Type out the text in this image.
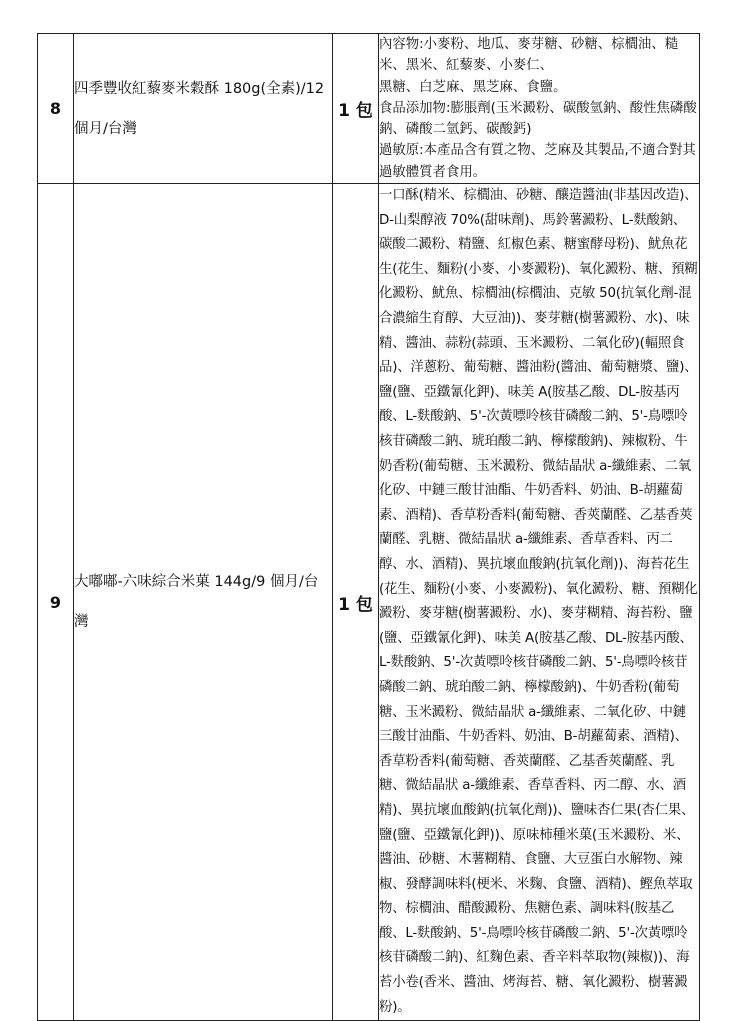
8	四季豐收紅藜麥米穀酥 180g(全素)/12個月/台灣	1 包	內容物:小麥粉、地瓜、麥芽糖、砂糖、棕櫚油、糙米、黑米、紅藜麥、小麥仁、
黑糖、白芝麻、黑芝麻、食鹽。
食品添加物:膨脹劑(玉米澱粉、碳酸氫鈉、酸性焦磷酸鈉、磷酸二氫鈣、碳酸鈣)
過敏原:本產品含有質之物、芝麻及其製品,不適合對其過敏體質者食用。

9	大嘟嘟-六味綜合米菓 144g/9 個月/台灣	1 包	一口酥(精米、棕櫚油、砂糖、釀造醬油(非基因改造)、D-山梨醇液 70%(甜味劑)、馬鈴薯澱粉、L-麩酸鈉、碳酸二澱粉、精鹽、紅椒色素、糖蜜酵母粉)、魷魚花生(花生、麵粉(小麥、小麥澱粉)、氧化澱粉、糖、預糊化澱粉、魷魚、棕櫚油(棕櫚油、克敏 50(抗氧化劑-混合濃縮生育醇、大豆油))、麥芽糖(樹薯澱粉、水)、味精、醬油、蒜粉(蒜頭、玉米澱粉、二氧化矽)(輻照食品)、洋蔥粉、葡萄糖、醬油粉(醬油、葡萄糖漿、鹽)、鹽(鹽、亞鐵氰化鉀)、味美 A(胺基乙酸、DL-胺基丙酸、L-麩酸鈉、5'-次黃嘌呤核苷磷酸二鈉、5'-鳥嘌呤核苷磷酸二鈉、琥珀酸二鈉、檸檬酸鈉)、辣椒粉、牛奶香粉(葡萄糖、玉米澱粉、微結晶狀 a-纖維素、二氧化矽、中鏈三酸甘油酯、牛奶香料、奶油、B-胡蘿蔔素、酒精)、香草粉香料(葡萄糖、香莢蘭醛、乙基香莢蘭醛、乳糖、微結晶狀 a-纖維素、香草香料、丙二醇、水、酒精)、異抗壞血酸鈉(抗氧化劑))、海苔花生(花生、麵粉(小麥、小麥澱粉)、氧化澱粉、糖、預糊化澱粉、麥芽糖(樹薯澱粉、水)、麥芽糊精、海苔粉、鹽(鹽、亞鐵氰化鉀)、味美 A(胺基乙酸、DL-胺基丙酸、L-麩酸鈉、5'-次黃嘌呤核苷磷酸二鈉、5'-鳥嘌呤核苷磷酸二鈉、琥珀酸二鈉、檸檬酸鈉)、牛奶香粉(葡萄糖、玉米澱粉、微結晶狀 a-纖維素、二氧化矽、中鏈三酸甘油酯、牛奶香料、奶油、B-胡蘿蔔素、酒精)、香草粉香料(葡萄糖、香莢蘭醛、乙基香莢蘭醛、乳糖、微結晶狀 a-纖維素、香草香料、丙二醇、水、酒精)、異抗壞血酸鈉(抗氧化劑))、鹽味杏仁果(杏仁果、鹽(鹽、亞鐵氰化鉀))、原味柿種米菓(玉米澱粉、米、醬油、砂糖、木薯糊精、食鹽、大豆蛋白水解物、辣椒、發酵調味料(梗米、米麴、食鹽、酒精)、鰹魚萃取物、棕櫚油、醋酸澱粉、焦糖色素、調味料(胺基乙酸、L-麩酸鈉、5'-鳥嘌呤核苷磷酸二鈉、5'-次黃嘌呤核苷磷酸二鈉)、紅麴色素、香辛料萃取物(辣椒))、海苔小卷(香米、醬油、烤海苔、糖、氧化澱粉、樹薯澱粉)。
